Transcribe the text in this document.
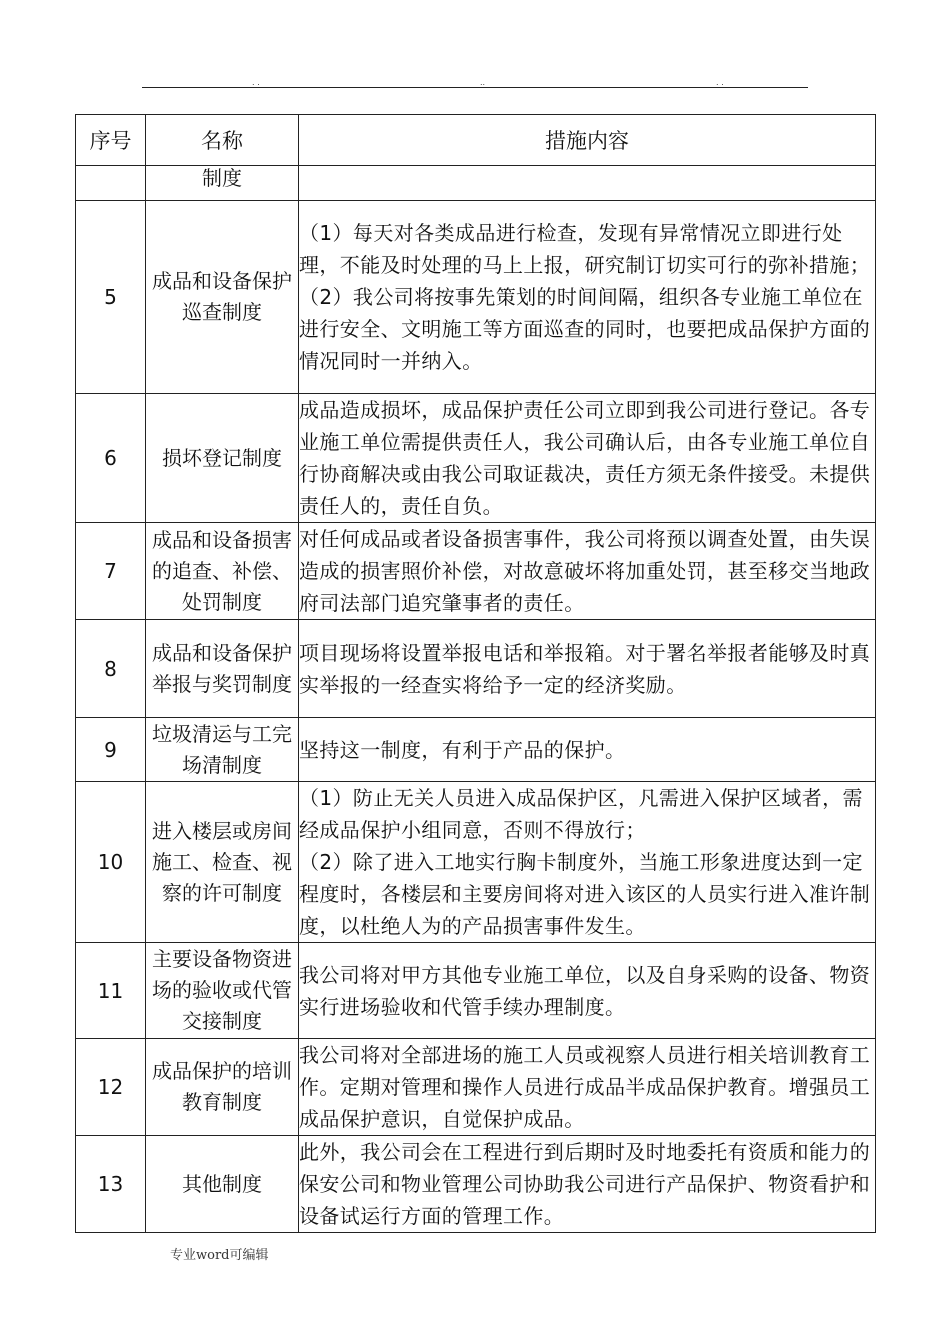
. .	..	. .
序号	名称	措施内容
	制度	
5	成品和设备保护巡查制度	（1）每天对各类成品进行检查，发现有异常情况立即进行处理，不能及时处理的马上上报，研究制订切实可行的弥补措施；
（2）我公司将按事先策划的时间间隔，组织各专业施工单位在进行安全、文明施工等方面巡查的同时，也要把成品保护方面的情况同时一并纳入。

6	损坏登记制度	成品造成损坏，成品保护责任公司立即到我公司进行登记。各专业施工单位需提供责任人，我公司确认后，由各专业施工单位自行协商解决或由我公司取证裁决，责任方须无条件接受。未提供责任人的，责任自负。

7	成品和设备损害的追查、补偿、处罚制度	对任何成品或者设备损害事件，我公司将预以调查处置，由失误造成的损害照价补偿，对故意破坏将加重处罚，甚至移交当地政府司法部门追究肇事者的责任。

8	成品和设备保护举报与奖罚制度	项目现场将设置举报电话和举报箱。对于署名举报者能够及时真实举报的一经查实将给予一定的经济奖励。

9	垃圾清运与工完场清制度	坚持这一制度，有利于产品的保护。

10	进入楼层或房间施工、检查、视察的许可制度	（1）防止无关人员进入成品保护区，凡需进入保护区域者，需经成品保护小组同意，否则不得放行；
（2）除了进入工地实行胸卡制度外，当施工形象进度达到一定程度时，各楼层和主要房间将对进入该区的人员实行进入准许制度，以杜绝人为的产品损害事件发生。

11	主要设备物资进场的验收或代管交接制度	我公司将对甲方其他专业施工单位，以及自身采购的设备、物资实行进场验收和代管手续办理制度。

12	成品保护的培训教育制度	我公司将对全部进场的施工人员或视察人员进行相关培训教育工作。定期对管理和操作人员进行成品半成品保护教育。增强员工成品保护意识，自觉保护成品。

13	其他制度	此外，我公司会在工程进行到后期时及时地委托有资质和能力的保安公司和物业管理公司协助我公司进行产品保护、物资看护和设备试运行方面的管理工作。
专业word可编辑
